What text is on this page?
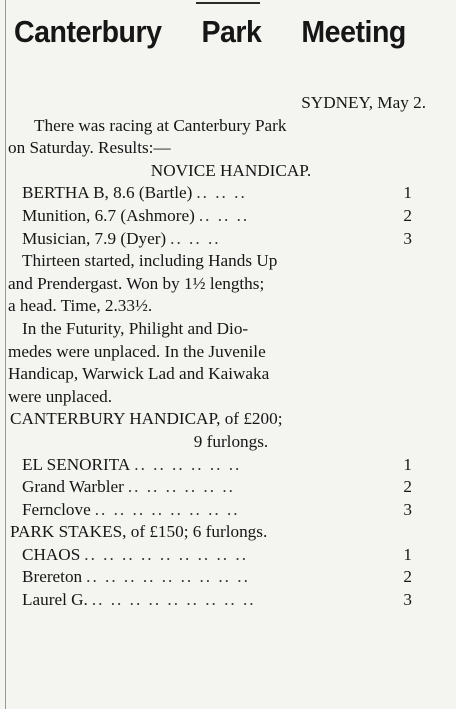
Canterbury Park Meeting
SYDNEY, May 2.
There was racing at Canterbury Park
on Saturday. Results:—
NOVICE HANDICAP.
BERTHA B, 8.6 (Bartle) .. .. ..	1
Munition, 6.7 (Ashmore) .. .. ..	2
Musician, 7.9 (Dyer) .. .. ..	3
Thirteen started, including Hands Up
and Prendergast. Won by 1½ lengths;
a head. Time, 2.33½.
In the Futurity, Philight and Dio-
medes were unplaced. In the Juvenile
Handicap, Warwick Lad and Kaiwaka
were unplaced.
CANTERBURY HANDICAP, of £200;
9 furlongs.
EL SENORITA .. .. .. .. .. ..	1
Grand Warbler .. .. .. .. .. ..	2
Fernclove .. .. .. .. .. .. .. ..	3
PARK STAKES, of £150; 6 furlongs.
CHAOS .. .. .. .. .. .. .. .. ..	1
Brereton .. .. .. .. .. .. .. .. ..	2
Laurel G. .. .. .. .. .. .. .. .. ..	3
